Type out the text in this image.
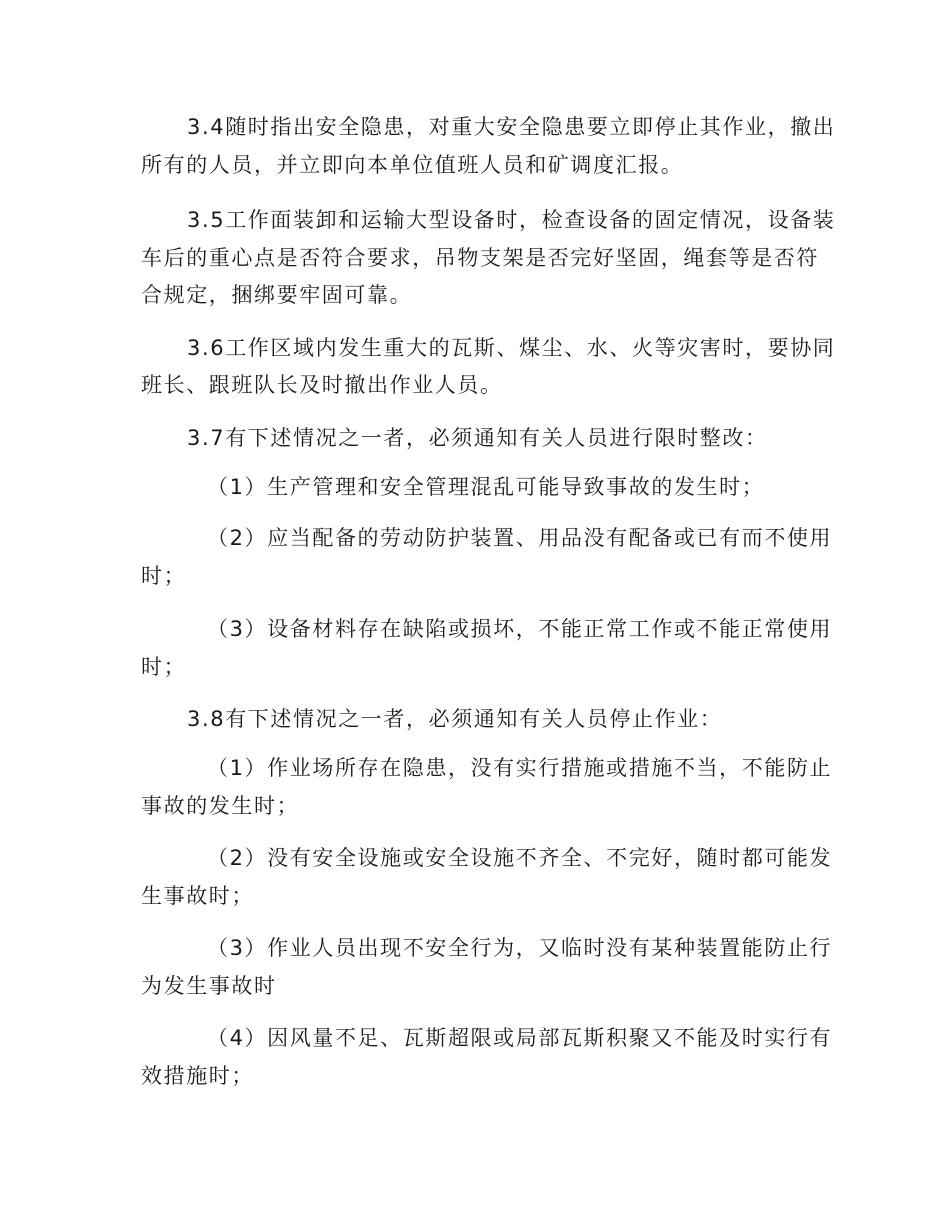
3.4随时指出安全隐患，对重大安全隐患要立即停止其作业，撤出
所有的人员，并立即向本单位值班人员和矿调度汇报。
3.5工作面装卸和运输大型设备时，检查设备的固定情况，设备装
车后的重心点是否符合要求，吊物支架是否完好坚固，绳套等是否符
合规定，捆绑要牢固可靠。
3.6工作区域内发生重大的瓦斯、煤尘、水、火等灾害时，要协同
班长、跟班队长及时撤出作业人员。
3.7有下述情况之一者，必须通知有关人员进行限时整改：
（1）生产管理和安全管理混乱可能导致事故的发生时；
（2）应当配备的劳动防护装置、用品没有配备或已有而不使用
时；
（3）设备材料存在缺陷或损坏，不能正常工作或不能正常使用
时；
3.8有下述情况之一者，必须通知有关人员停止作业：
（1）作业场所存在隐患，没有实行措施或措施不当，不能防止
事故的发生时；
（2）没有安全设施或安全设施不齐全、不完好，随时都可能发
生事故时；
（3）作业人员出现不安全行为，又临时没有某种装置能防止行
为发生事故时
（4）因风量不足、瓦斯超限或局部瓦斯积聚又不能及时实行有
效措施时；
